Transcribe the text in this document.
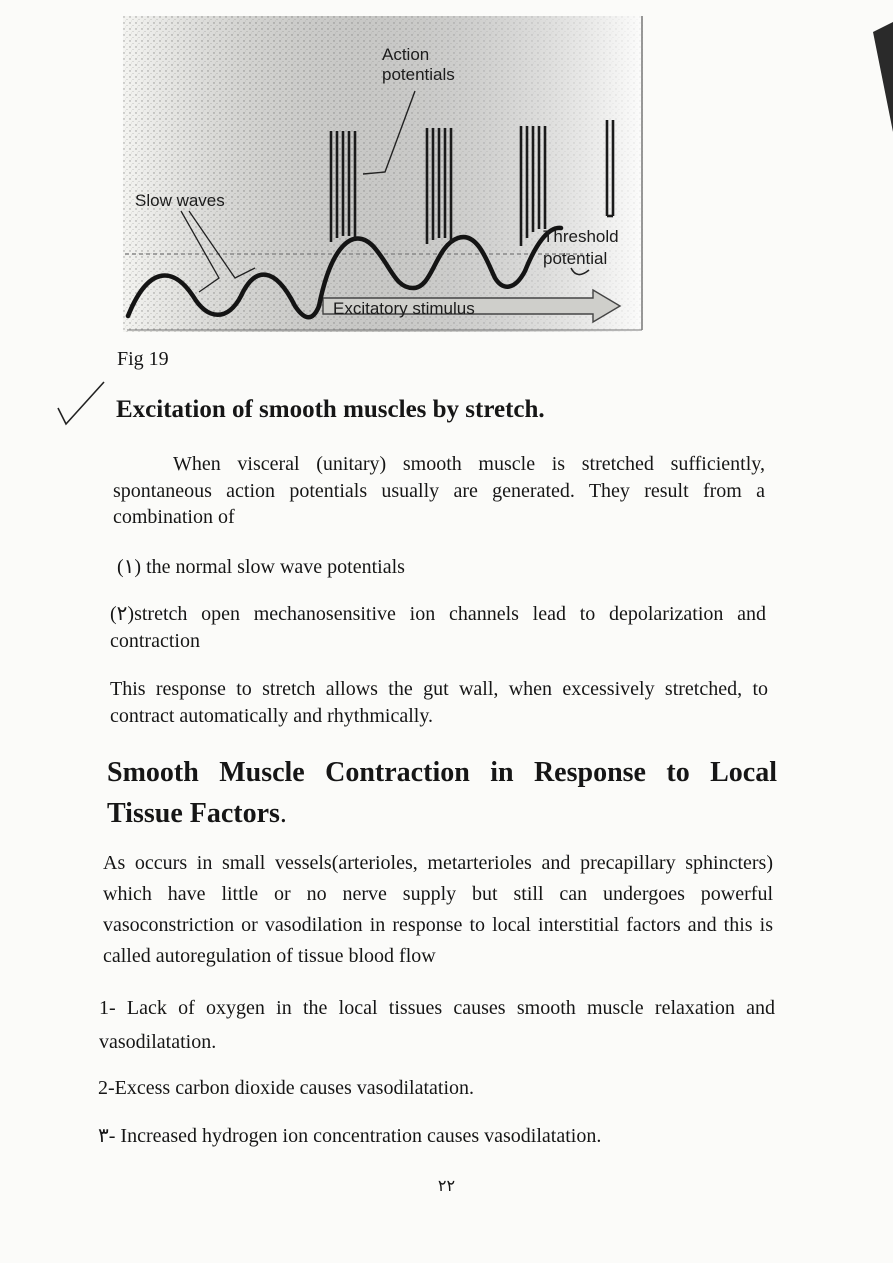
Excitatory stimulus
Action
potentials
Slow waves
Threshold
potential

Fig 19

Excitation of smooth muscles by stretch.

When visceral (unitary) smooth muscle is stretched sufficiently, spontaneous action potentials usually are generated. They result from a combination of

(١) the normal slow wave potentials

(٢)stretch open mechanosensitive ion channels lead to depolarization and contraction

This response to stretch allows the gut wall, when excessively stretched, to contract automatically and rhythmically.

Smooth Muscle Contraction in Response to Local Tissue Factors.

As occurs in small vessels(arterioles, metarterioles and precapillary sphincters) which have little or no nerve supply but still can undergoes powerful vasoconstriction or vasodilation in response to local interstitial factors and this is called autoregulation of tissue blood flow

1- Lack of oxygen in the local tissues causes smooth muscle relaxation and vasodilatation.

2-Excess carbon dioxide causes vasodilatation.

٣- Increased hydrogen ion concentration causes vasodilatation.

٢٢
